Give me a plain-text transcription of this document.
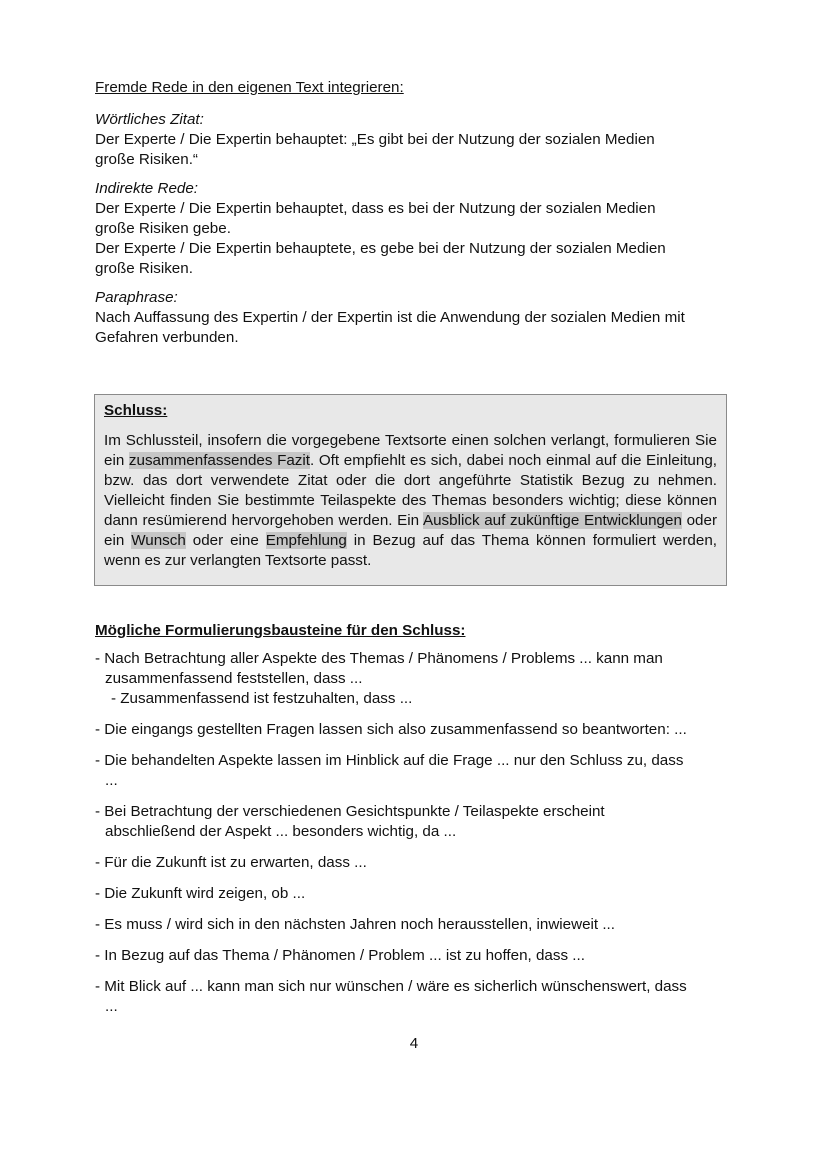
Fremde Rede in den eigenen Text integrieren:
Wörtliches Zitat:
Der Experte / Die Expertin behauptet: „Es gibt bei der Nutzung der sozialen Medien
große Risiken.“
Indirekte Rede:
Der Experte / Die Expertin behauptet, dass es bei der Nutzung der sozialen Medien
große Risiken gebe.
Der Experte / Die Expertin behauptete, es gebe bei der Nutzung der sozialen Medien
große Risiken.
Paraphrase:
Nach Auffassung des Expertin / der Expertin ist die Anwendung der sozialen Medien mit
Gefahren verbunden.
Schluss:
Im Schlussteil, insofern die vorgegebene Textsorte einen solchen verlangt, formulieren Sie ein zusammenfassendes Fazit. Oft empfiehlt es sich, dabei noch einmal auf die Einleitung, bzw. das dort verwendete Zitat oder die dort angeführte Statistik Bezug zu nehmen. Vielleicht finden Sie bestimmte Teilaspekte des Themas besonders wichtig; diese können dann resümierend hervorgehoben werden. Ein Ausblick auf zukünftige Entwicklungen oder ein Wunsch oder eine Empfehlung in Bezug auf das Thema können formuliert werden, wenn es zur verlangten Textsorte passt.
Mögliche Formulierungsbausteine für den Schluss:
- Nach Betrachtung aller Aspekte des Themas / Phänomens / Problems ... kann man
zusammenfassend feststellen, dass ...
- Zusammenfassend ist festzuhalten, dass ...
- Die eingangs gestellten Fragen lassen sich also zusammenfassend so beantworten: ...
- Die behandelten Aspekte lassen im Hinblick auf die Frage ... nur den Schluss zu, dass
...
- Bei Betrachtung der verschiedenen Gesichtspunkte / Teilaspekte erscheint
abschließend der Aspekt ... besonders wichtig, da ...
- Für die Zukunft ist zu erwarten, dass ...
- Die Zukunft wird zeigen, ob ...
- Es muss / wird sich in den nächsten Jahren noch herausstellen, inwieweit ...
- In Bezug auf das Thema / Phänomen / Problem ... ist zu hoffen, dass ...
- Mit Blick auf ... kann man sich nur wünschen / wäre es sicherlich wünschenswert, dass
...
4
